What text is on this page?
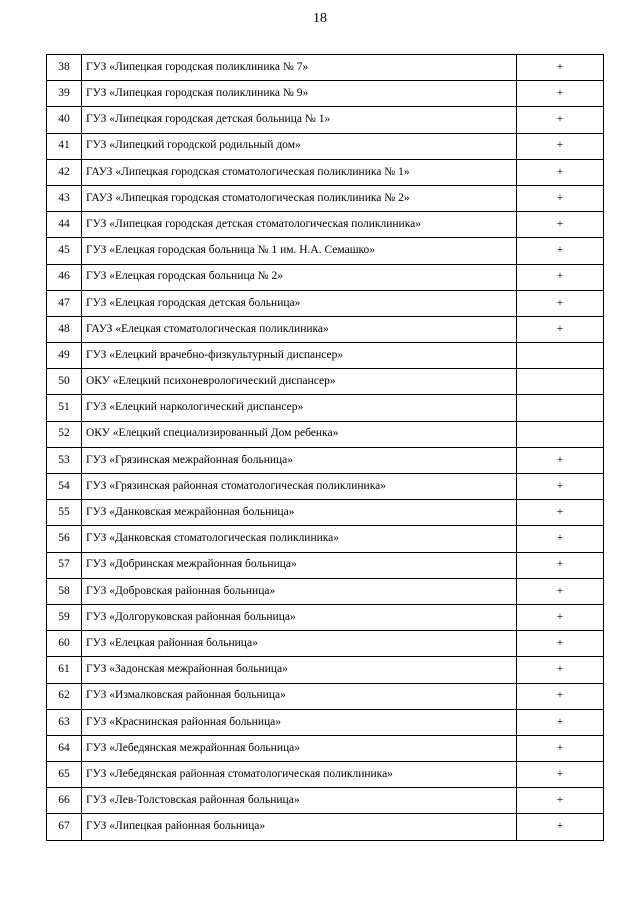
18
38	ГУЗ «Липецкая городская поликлиника № 7»	+
39	ГУЗ «Липецкая городская поликлиника № 9»	+
40	ГУЗ «Липецкая городская детская больница № 1»	+
41	ГУЗ «Липецкий городской родильный дом»	+
42	ГАУЗ «Липецкая городская стоматологическая поликлиника № 1»	+
43	ГАУЗ «Липецкая городская стоматологическая поликлиника № 2»	+
44	ГУЗ «Липецкая городская детская стоматологическая поликлиника»	+
45	ГУЗ «Елецкая городская больница № 1 им. Н.А. Семашко»	+
46	ГУЗ «Елецкая городская больница № 2»	+
47	ГУЗ «Елецкая городская детская больница»	+
48	ГАУЗ «Елецкая стоматологическая поликлиника»	+
49	ГУЗ «Елецкий врачебно-физкультурный диспансер»	
50	ОКУ «Елецкий психоневрологический диспансер»	
51	ГУЗ «Елецкий наркологический диспансер»	
52	ОКУ «Елецкий специализированный Дом ребенка»	
53	ГУЗ «Грязинская межрайонная больница»	+
54	ГУЗ «Грязинская районная стоматологическая поликлиника»	+
55	ГУЗ «Данковская межрайонная больница»	+
56	ГУЗ «Данковская стоматологическая поликлиника»	+
57	ГУЗ «Добринская межрайонная больница»	+
58	ГУЗ «Добровская районная больница»	+
59	ГУЗ «Долгоруковская районная больница»	+
60	ГУЗ «Елецкая районная больница»	+
61	ГУЗ «Задонская межрайонная больница»	+
62	ГУЗ «Измалковская районная больница»	+
63	ГУЗ «Краснинская районная больница»	+
64	ГУЗ «Лебедянская межрайонная больница»	+
65	ГУЗ «Лебедянская районная стоматологическая поликлиника»	+
66	ГУЗ «Лев-Толстовская районная больница»	+
67	ГУЗ «Липецкая районная больница»	+
